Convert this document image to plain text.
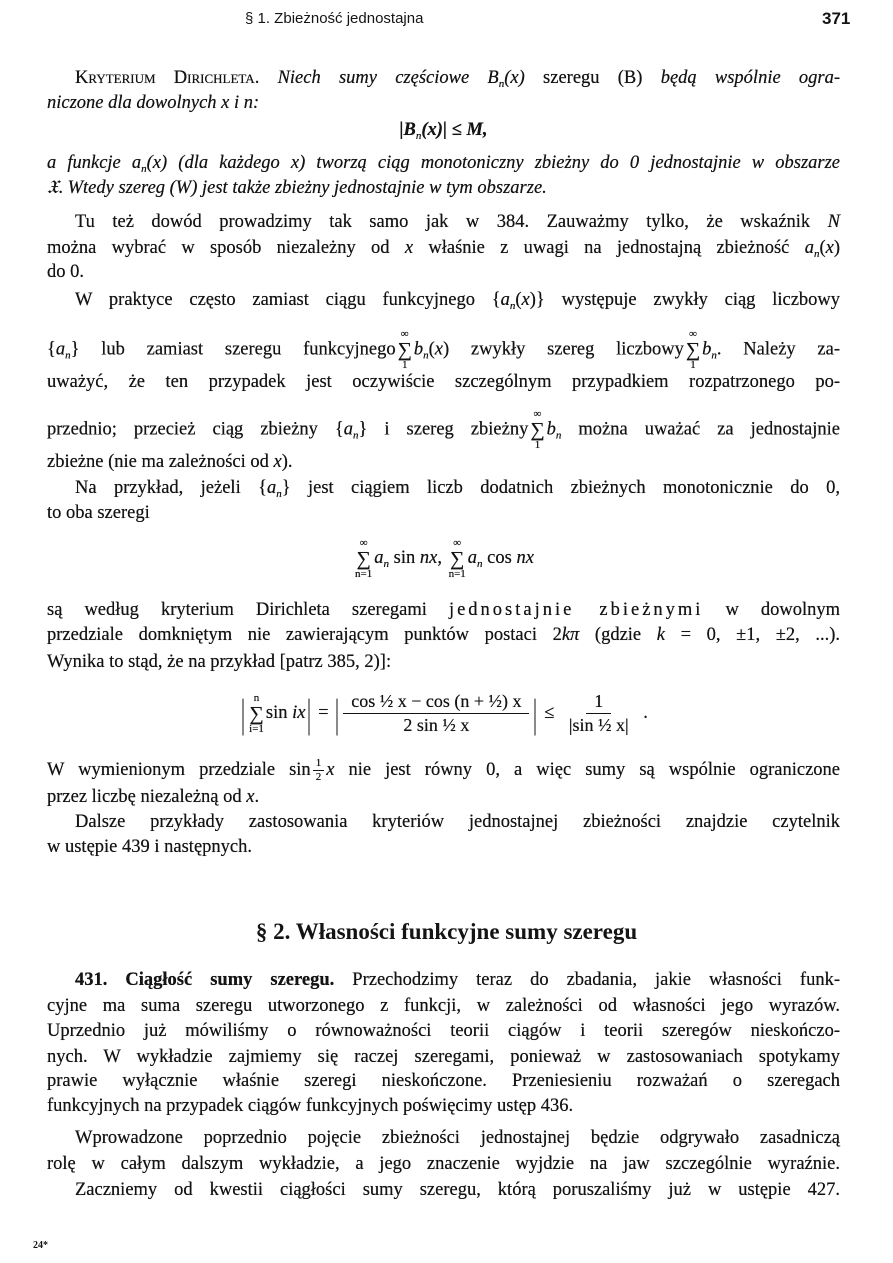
§ 1. Zbieżność jednostajna	371
Kryterium Dirichleta. Niech sumy częściowe $B_n(x)$ szeregu (B) będą wspólnie ogra-
niczone dla dowolnych x i n:
$|B_n(x)| \le M$,
a funkcje $a_n(x)$ (dla każdego x) tworzą ciąg monotoniczny zbieżny do 0 jednostajnie w obszarze
𝔛. Wtedy szereg (W) jest także zbieżny jednostajnie w tym obszarze.
Tu też dowód prowadzimy tak samo jak w 384. Zauważmy tylko, że wskaźnik N
można wybrać w sposób niezależny od x właśnie z uwagi na jednostajną zbieżność $a_n(x)$
do 0.
W praktyce często zamiast ciągu funkcyjnego $\{a_n(x)\}$ występuje zwykły ciąg liczbowy
$\{a_n\}$ lub zamiast szeregu funkcyjnego
∞
∑
1
$b_n(x)$ zwykły szereg liczbowy
∞
∑
1
$b_n$. Należy za-
uważyć, że ten przypadek jest oczywiście szczególnym przypadkiem rozpatrzonego po-
przednio; przecież ciąg zbieżny $\{a_n\}$ i szereg zbieżny
∞
∑
1
$b_n$ można uważać za jednostajnie
zbieżne (nie ma zależności od x).
Na przykład, jeżeli $\{a_n\}$ jest ciągiem liczb dodatnich zbieżnych monotonicznie do 0,
to oba szeregi
∞
∑
n=1
$a_n$ sin nx,
∞
∑
n=1
$a_n$ cos nx
są według kryterium Dirichleta szeregami jednostajnie zbieżnymi w dowolnym
przedziale domkniętym nie zawierającym punktów postaci 2kπ (gdzie k = 0, ±1, ±2, ...).
Wynika to stąd, że na przykład [patrz 385, 2)]:
| n
∑
i=1
sin ix| = | $\frac{\text{cos ½ x − cos (n + ½) x}}{\text{2 sin ½ x}}$ | ≤ $\frac{1}{\text{|sin ½ x|}}$ .
W wymienionym przedziale $\sin \frac{1}{2}$ x nie jest równy 0, a więc sumy są wspólnie ograniczone
przez liczbę niezależną od x.
Dalsze przykłady zastosowania kryteriów jednostajnej zbieżności znajdzie czytelnik
w ustępie 439 i następnych.
431. Ciągłość sumy szeregu. Przechodzimy teraz do zbadania, jakie własności funk-
cyjne ma suma szeregu utworzonego z funkcji, w zależności od własności jego wyrazów.
Uprzednio już mówiliśmy o równoważności teorii ciągów i teorii szeregów nieskończo-
nych. W wykładzie zajmiemy się raczej szeregami, ponieważ w zastosowaniach spotykamy
prawie wyłącznie właśnie szeregi nieskończone. Przeniesieniu rozważań o szeregach
funkcyjnych na przypadek ciągów funkcyjnych poświęcimy ustęp 436.
Wprowadzone poprzednio pojęcie zbieżności jednostajnej będzie odgrywało zasadniczą
rolę w całym dalszym wykładzie, a jego znaczenie wyjdzie na jaw szczególnie wyraźnie.
Zaczniemy od kwestii ciągłości sumy szeregu, którą poruszaliśmy już w ustępie 427.
§ 2. Własności funkcyjne sumy szeregu
24*
